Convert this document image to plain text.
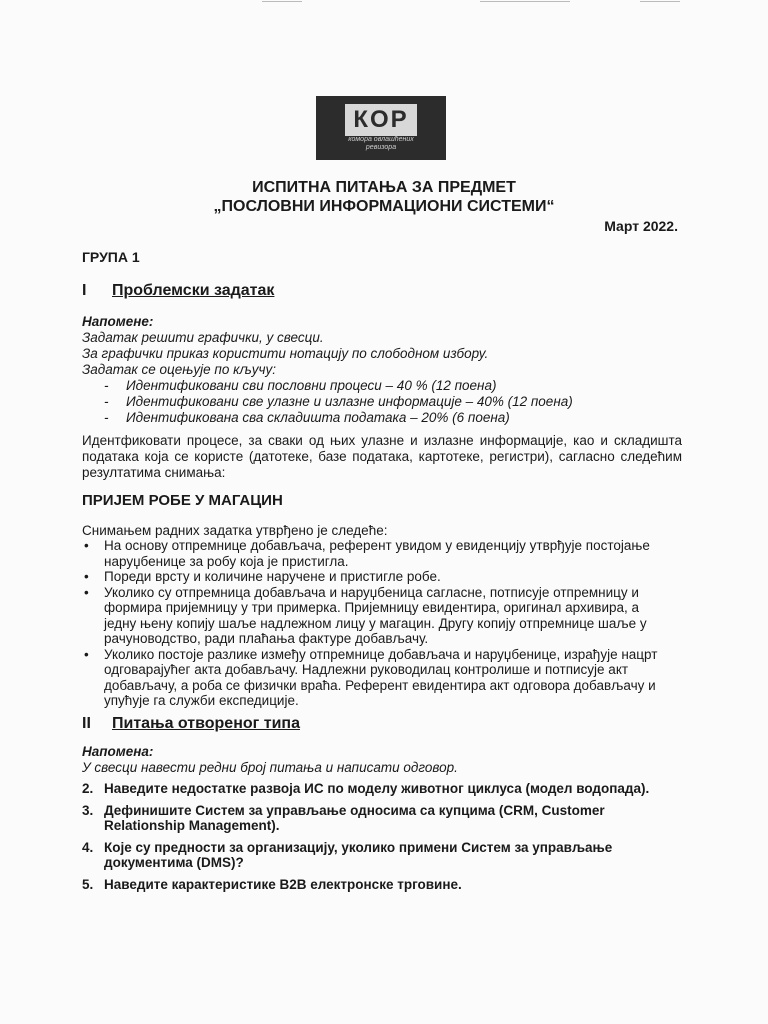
КОР
комора овлашћених
ревизора
ИСПИТНА ПИТАЊА ЗА ПРЕДМЕТ
„ПОСЛОВНИ ИНФОРМАЦИОНИ СИСТЕМИ“
Март 2022.
ГРУПА 1
I Проблемски задатак
Напомене:
Задатак решити графички, у свесци.
За графички приказ користити нотацију по слободном избору.
Задатак се оцењује по кључу:
- Идентификовани сви пословни процеси – 40 % (12 поена)
- Идентификовани све улазне и излазне информације – 40% (12 поена)
- Идентификована сва складишта података – 20% (6 поена)
Идентфиковати процесе, за сваки од њих улазне и излазне информације, као и складишта података која се користе (датотеке, базе података, картотеке, регистри), сагласно следећим резултатима снимања:
ПРИЈЕМ РОБЕ У МАГАЦИН
Снимањем радних задатка утврђено је следеће:
• На основу отпремнице добављача, референт увидом у евиденцију утврђује постојање наруџбенице за робу која је пристигла.
• Пореди врсту и количине наручене и пристигле робе.
• Уколико су отпремница добављача и наруџбеница сагласне, потписује отпремницу и формира пријемницу у три примерка. Пријемницу евидентира, оригинал архивира, а једну њену копију шаље надлежном лицу у магацин. Другу копију отпремнице шаље у рачуноводство, ради плаћања фактуре добављачу.
• Уколико постоје разлике између отпремнице добављача и наруџбенице, израђује нацрт одговарајућег акта добављачу. Надлежни руководилац контролише и потписује акт добављачу, а роба се физички враћа. Референт евидентира акт одговора добављачу и упућује га служби експедиције.
II Питања отвореног типа
Напомена:
У свесци навести редни број питања и написати одговор.
2. Наведите недостатке развоја ИС по моделу животног циклуса (модел водопада).
3. Дефинишите Систем за управљање односима са купцима (CRM, Customer Relationship Management).
4. Које су предности за организацију, уколико примени Систем за управљање документима (DMS)?
5. Наведите карактеристике B2B електронске трговине.
